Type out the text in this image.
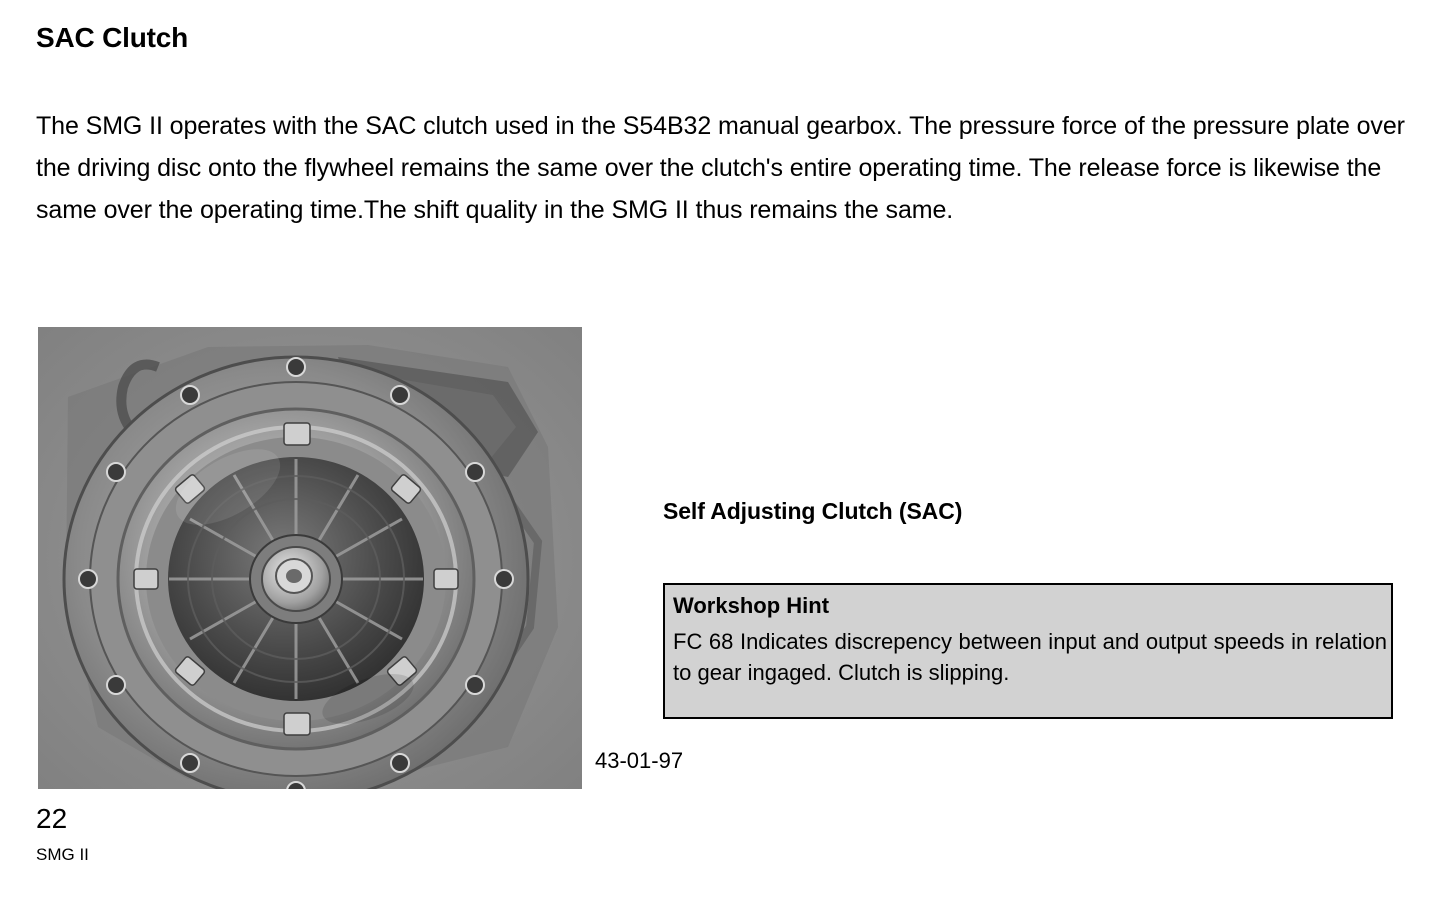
SAC Clutch
The SMG II operates with the SAC clutch used in the S54B32 manual gearbox. The pressure force of the pressure plate over the driving disc onto the flywheel remains the same over the clutch's entire operating time. The release force is likewise the same over the operating time.The shift quality in the SMG II thus remains the same.
Self Adjusting Clutch (SAC)
Workshop Hint
FC 68 Indicates discrepency between input and output speeds in relation to gear ingaged. Clutch is slipping.
43-01-97
22
SMG II
